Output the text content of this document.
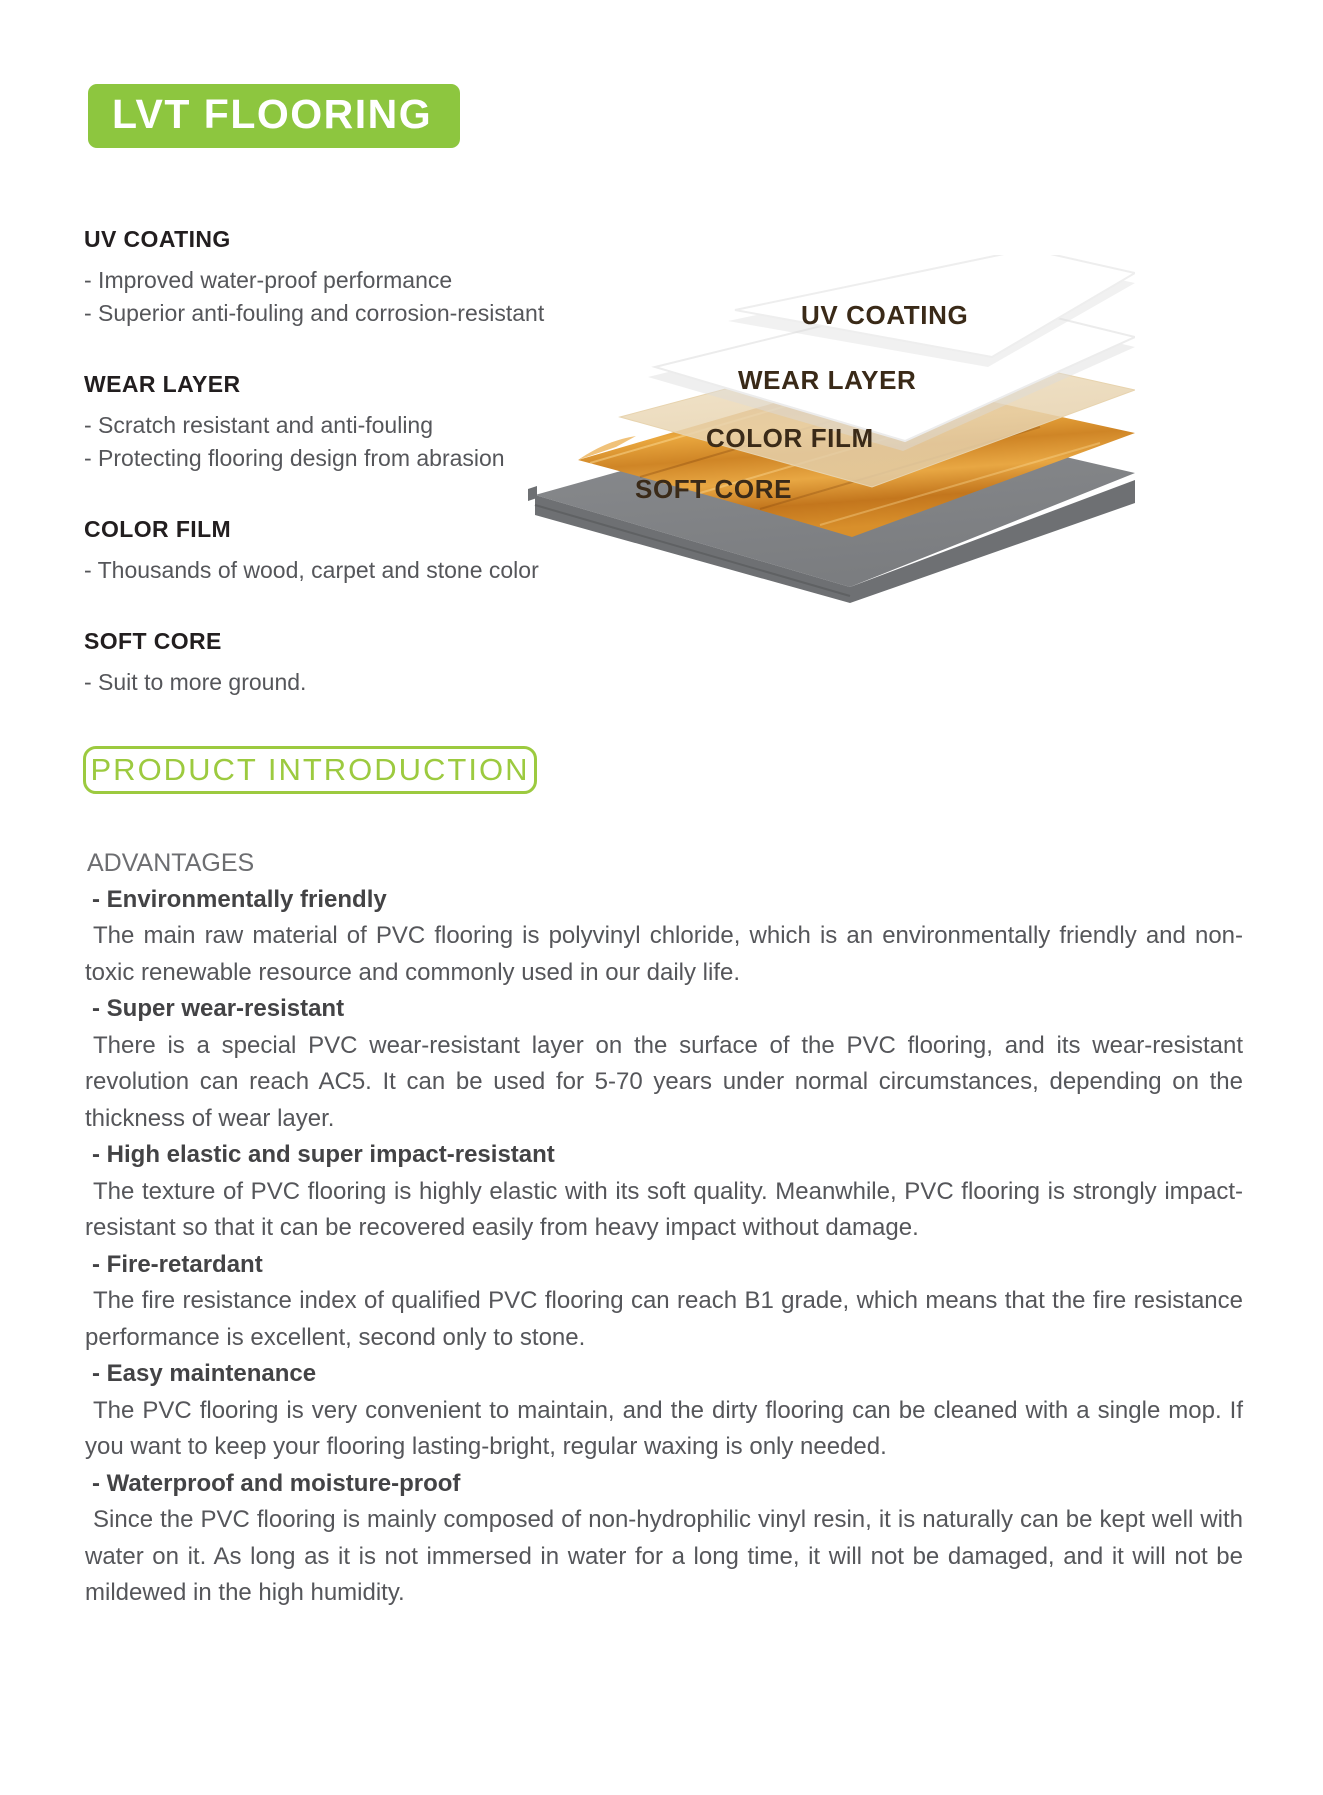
LVT FLOORING

UV COATING

- Improved water-proof performance

- Superior anti-fouling and corrosion-resistant

WEAR LAYER

- Scratch resistant and anti-fouling

- Protecting flooring design from abrasion

COLOR FILM

- Thousands of wood, carpet and stone color

SOFT CORE

- Suit to more ground.

UV COATING
WEAR LAYER
COLOR FILM
SOFT CORE
PRODUCT INTRODUCTION
ADVANTAGES
- Environmentally friendly
The main raw material of PVC flooring is polyvinyl chloride, which is an environmentally friendly and non-toxic renewable resource and commonly used in our daily life.
- Super wear-resistant
There is a special PVC wear-resistant layer on the surface of the PVC flooring, and its wear-resistant revolution can reach AC5. It can be used for 5-70 years under normal circumstances, depending on the thickness of wear layer.
- High elastic and super impact-resistant
The texture of PVC flooring is highly elastic with its soft quality. Meanwhile, PVC flooring is strongly impact-resistant so that it can be recovered easily from heavy impact without damage.
- Fire-retardant
The fire resistance index of qualified PVC flooring can reach B1 grade, which means that the fire resistance performance is excellent, second only to stone.
- Easy maintenance
The PVC flooring is very convenient to maintain, and the dirty flooring can be cleaned with a single mop. If you want to keep your flooring lasting-bright, regular waxing is only needed.
- Waterproof and moisture-proof
Since the PVC flooring is mainly composed of non-hydrophilic vinyl resin, it is naturally can be kept well with water on it. As long as it is not immersed in water for a long time, it will not be damaged, and it will not be mildewed in the high humidity.
